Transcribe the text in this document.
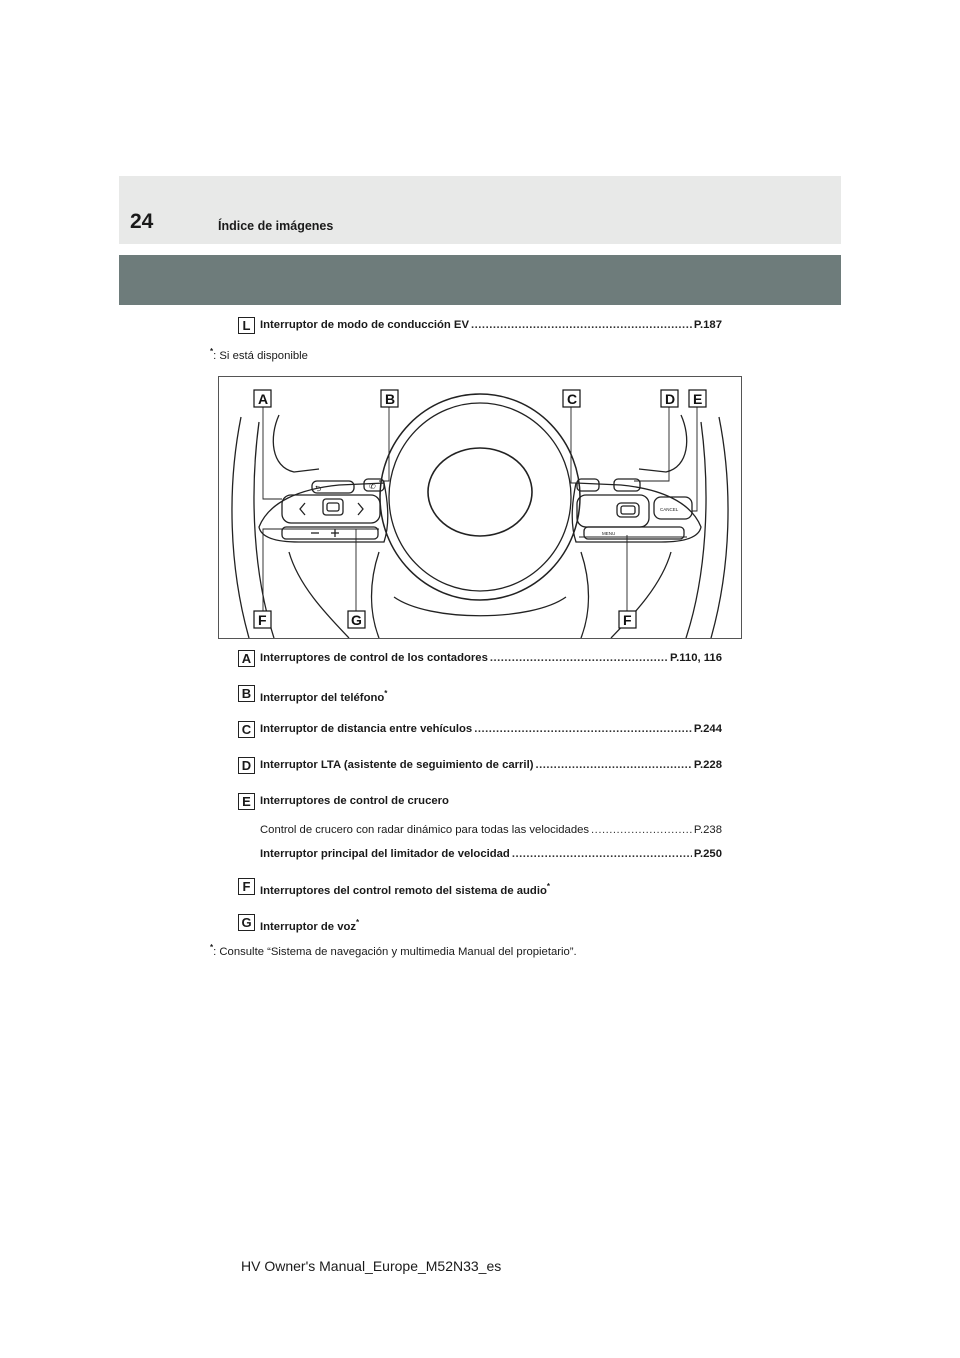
24	Índice de imágenes
L Interruptor de modo de conducción EV .....	P.187
*: Si está disponible
⮌	✆
MENU
CANCEL
A	B	C	D E
F	G	F
A Interruptores de control de los contadores .....	P.110, 116
B Interruptor del teléfono*
C Interruptor de distancia entre vehículos .....	P.244
D Interruptor LTA (asistente de seguimiento de carril) .....	P.228
E Interruptores de control de crucero
Control de crucero con radar dinámico para todas las velocidades .....	P.238
Interruptor principal del limitador de velocidad .....	P.250
F Interruptores del control remoto del sistema de audio*
G Interruptor de voz*
*: Consulte “Sistema de navegación y multimedia Manual del propietario”.
HV Owner's Manual_Europe_M52N33_es
